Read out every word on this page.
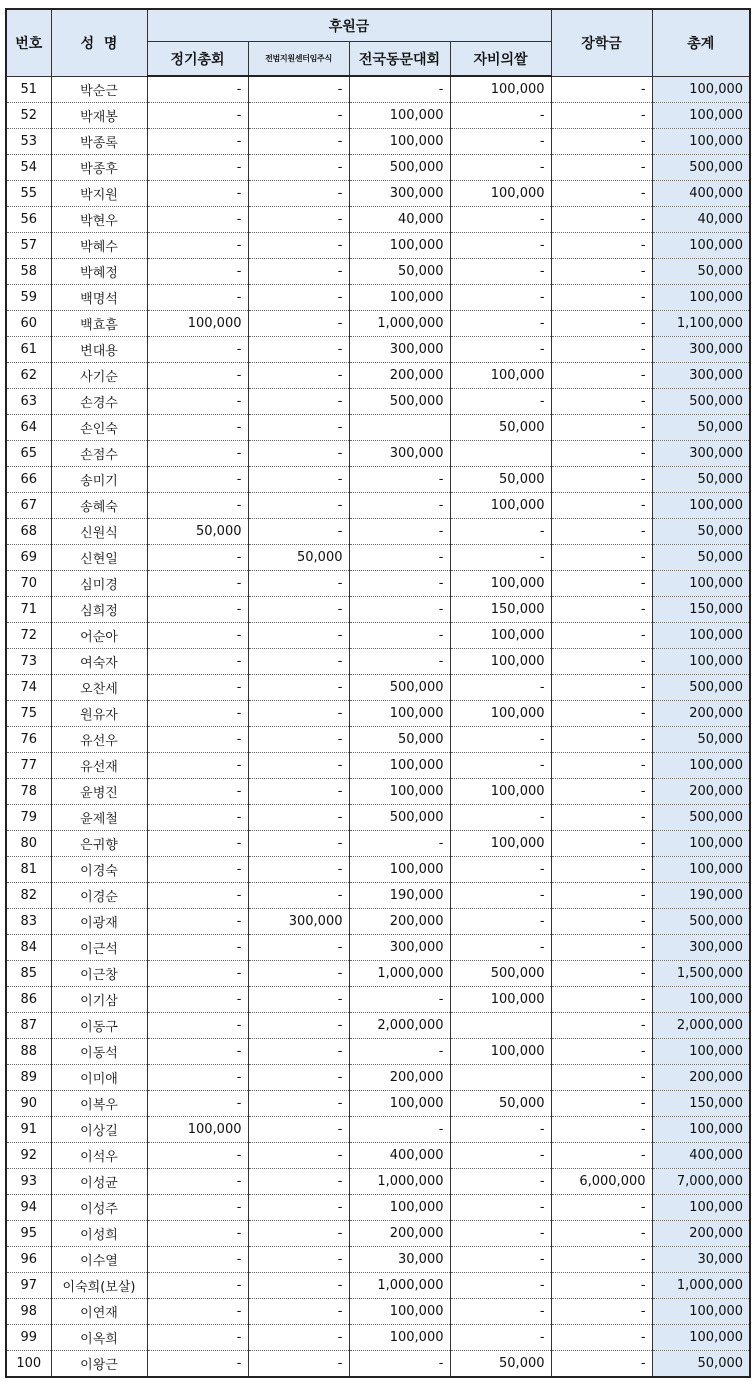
번호	성  명	후원금				장학금	총계
		정기총회	전범지원센터임주식	전국동문대회	자비의쌀		
51	박순근	-	-	-	100,000	-	100,000
52	박재봉	-	-	100,000	-	-	100,000
53	박종록	-	-	100,000	-	-	100,000
54	박종후	-	-	500,000	-	-	500,000
55	박지원	-	-	300,000	100,000	-	400,000
56	박현우	-	-	40,000	-	-	40,000
57	박혜수	-	-	100,000	-	-	100,000
58	박혜정	-	-	50,000	-	-	50,000
59	백명석	-	-	100,000	-	-	100,000
60	백효흠	100,000	-	1,000,000	-	-	1,100,000
61	변대용	-	-	300,000	-	-	300,000
62	사기순	-	-	200,000	100,000	-	300,000
63	손경수	-	-	500,000	-	-	500,000
64	손인숙	-	-		50,000	-	50,000
65	손점수	-	-	300,000		-	300,000
66	송미기	-	-	-	50,000	-	50,000
67	송혜숙	-	-	-	100,000	-	100,000
68	신원식	50,000	-	-	-	-	50,000
69	신현일	-	50,000	-	-	-	50,000
70	심미경	-	-	-	100,000	-	100,000
71	심희정	-	-	-	150,000	-	150,000
72	어순아	-	-	-	100,000	-	100,000
73	여숙자	-	-	-	100,000	-	100,000
74	오찬세	-	-	500,000	-	-	500,000
75	원유자	-	-	100,000	100,000	-	200,000
76	유선우	-	-	50,000	-	-	50,000
77	유선재	-	-	100,000	-	-	100,000
78	윤병진	-	-	100,000	100,000	-	200,000
79	윤제철	-	-	500,000	-	-	500,000
80	은귀향	-	-	-	100,000	-	100,000
81	이경숙	-	-	100,000	-	-	100,000
82	이경순	-	-	190,000	-	-	190,000
83	이광재	-	300,000	200,000	-	-	500,000
84	이근석	-	-	300,000	-	-	300,000
85	이근창	-	-	1,000,000	500,000	-	1,500,000
86	이기삼	-	-	-	100,000	-	100,000
87	이동구	-	-	2,000,000		-	2,000,000
88	이동석	-	-	-	100,000	-	100,000
89	이미애	-	-	200,000		-	200,000
90	이복우	-	-	100,000	50,000	-	150,000
91	이상길	100,000	-	-	-	-	100,000
92	이석우	-	-	400,000	-	-	400,000
93	이성균	-	-	1,000,000	-	6,000,000	7,000,000
94	이성주	-	-	100,000	-	-	100,000
95	이성희	-	-	200,000	-	-	200,000
96	이수열	-	-	30,000	-	-	30,000
97	이숙희(보살)	-	-	1,000,000	-	-	1,000,000
98	이연재	-	-	100,000	-	-	100,000
99	이옥희	-	-	100,000	-	-	100,000
100	이왕근	-	-	-	50,000	-	50,000
